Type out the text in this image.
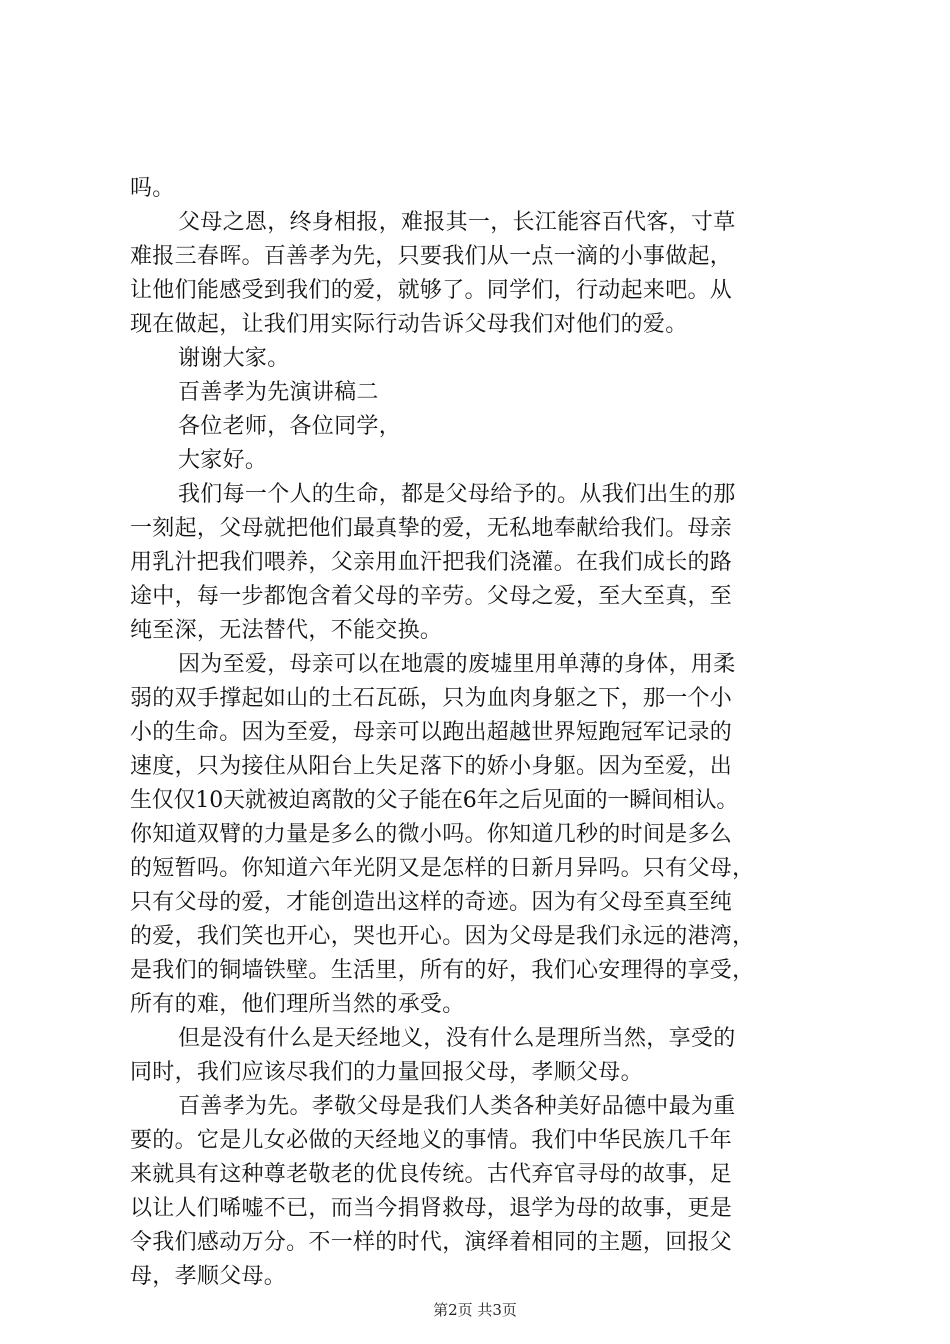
吗。
父母之恩，终身相报，难报其一，长江能容百代客，寸草
难报三春晖。百善孝为先，只要我们从一点一滴的小事做起，
让他们能感受到我们的爱，就够了。同学们，行动起来吧。从
现在做起，让我们用实际行动告诉父母我们对他们的爱。
谢谢大家。
百善孝为先演讲稿二
各位老师，各位同学，
大家好。
我们每一个人的生命，都是父母给予的。从我们出生的那
一刻起，父母就把他们最真挚的爱，无私地奉献给我们。母亲
用乳汁把我们喂养，父亲用血汗把我们浇灌。在我们成长的路
途中，每一步都饱含着父母的辛劳。父母之爱，至大至真，至
纯至深，无法替代，不能交换。
因为至爱，母亲可以在地震的废墟里用单薄的身体，用柔
弱的双手撑起如山的土石瓦砾，只为血肉身躯之下，那一个小
小的生命。因为至爱，母亲可以跑出超越世界短跑冠军记录的
速度，只为接住从阳台上失足落下的娇小身躯。因为至爱，出
生仅仅10天就被迫离散的父子能在6年之后见面的一瞬间相认。
你知道双臂的力量是多么的微小吗。你知道几秒的时间是多么
的短暂吗。你知道六年光阴又是怎样的日新月异吗。只有父母，
只有父母的爱，才能创造出这样的奇迹。因为有父母至真至纯
的爱，我们笑也开心，哭也开心。因为父母是我们永远的港湾，
是我们的铜墙铁壁。生活里，所有的好，我们心安理得的享受，
所有的难，他们理所当然的承受。
但是没有什么是天经地义，没有什么是理所当然，享受的
同时，我们应该尽我们的力量回报父母，孝顺父母。
百善孝为先。孝敬父母是我们人类各种美好品德中最为重
要的。它是儿女必做的天经地义的事情。我们中华民族几千年
来就具有这种尊老敬老的优良传统。古代弃官寻母的故事，足
以让人们唏嘘不已，而当今捐肾救母，退学为母的故事，更是
令我们感动万分。不一样的时代，演绎着相同的主题，回报父
母，孝顺父母。
第2页 共3页
